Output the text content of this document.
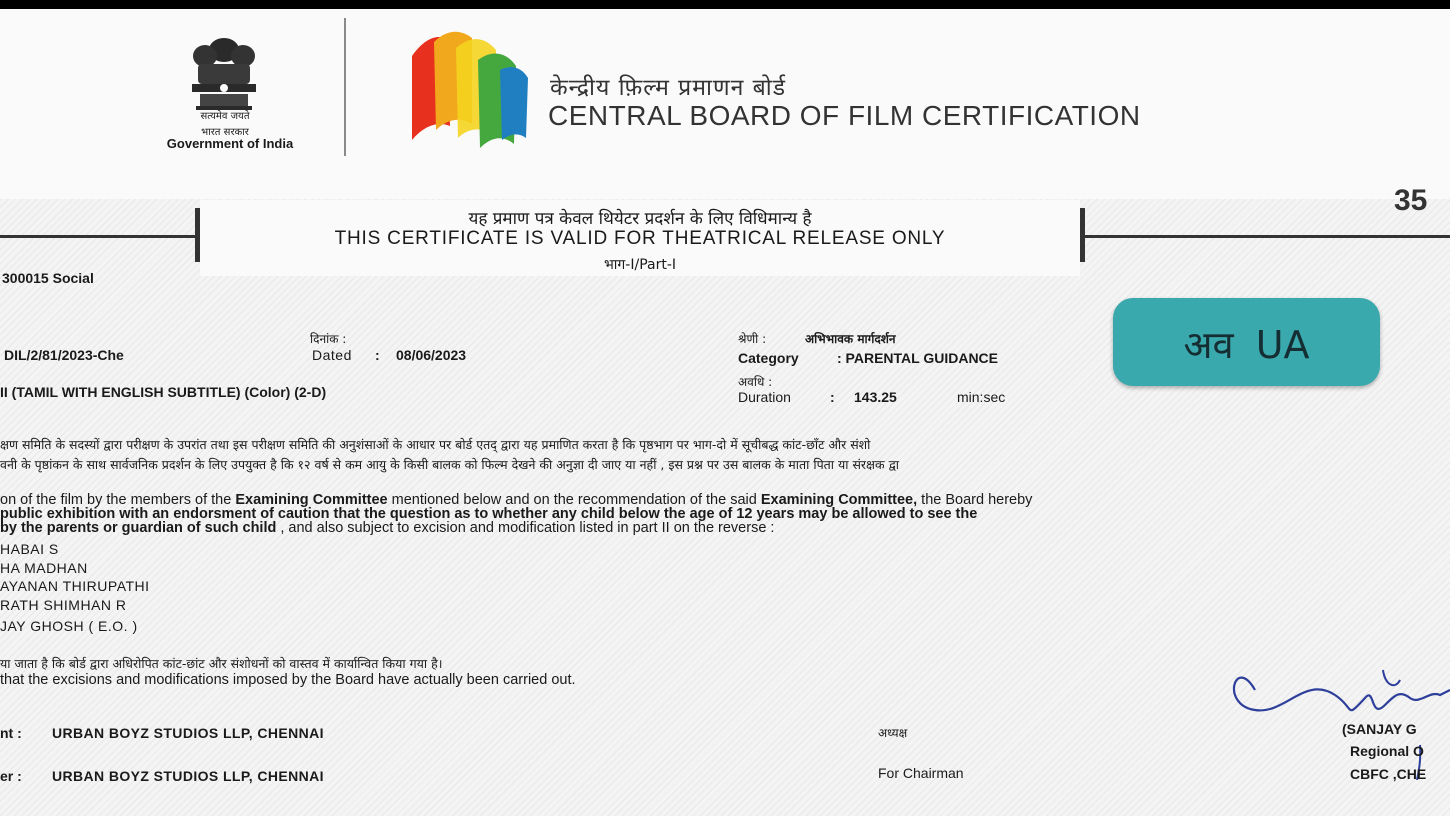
सत्यमेव जयते
भारत सरकार
Government of India
केन्द्रीय फ़िल्म प्रमाणन बोर्ड
CENTRAL BOARD OF FILM CERTIFICATION
35
यह प्रमाण पत्र केवल थियेटर प्रदर्शन के लिए विधिमान्य है
THIS CERTIFICATE IS VALID FOR THEATRICAL RELEASE ONLY
भाग-I/Part-I
300015 Social
दिनांक :
DIL/2/81/2023-Che	Dated : 08/06/2023
श्रेणी :	अभिभावक मार्गदर्शन
Category	: PARENTAL GUIDANCE
II (TAMIL WITH ENGLISH SUBTITLE) (Color) (2-D)
अवधि :
Duration	: 143.25	min:sec
अव UA
क्षण समिति के सदस्यों द्वारा परीक्षण के उपरांत तथा इस परीक्षण समिति की अनुशंसाओं के आधार पर बोर्ड एतद् द्वारा यह प्रमाणित करता है कि पृष्ठभाग पर भाग-दो में सूचीबद्ध कांट-छाँट और संशो
वनी के पृष्ठांकन के साथ सार्वजनिक प्रदर्शन के लिए उपयुक्त है कि १२ वर्ष से कम आयु के किसी बालक को फिल्म देखने की अनुज्ञा दी जाए या नहीं , इस प्रश्न पर उस बालक के माता पिता या संरक्षक द्वा
on of the film by the members of the Examining Committee mentioned below and on the recommendation of the said Examining Committee, the Board hereby
public exhibition with an endorsment of caution that the question as to whether any child below the age of 12 years may be allowed to see the
by the parents or guardian of such child , and also subject to excision and modification listed in part II on the reverse :
HABAI S
HA MADHAN
AYANAN THIRUPATHI
RATH SHIMHAN R
JAY GHOSH ( E.O. )
या जाता है कि बोर्ड द्वारा अधिरोपित कांट-छांट और संशोधनों को वास्तव में कार्यान्वित किया गया है।
that the excisions and modifications imposed by the Board have actually been carried out.
nt : URBAN BOYZ STUDIOS LLP, CHENNAI
er : URBAN BOYZ STUDIOS LLP, CHENNAI
अध्यक्ष
For Chairman
(SANJAY G
Regional O
CBFC ,CHE
